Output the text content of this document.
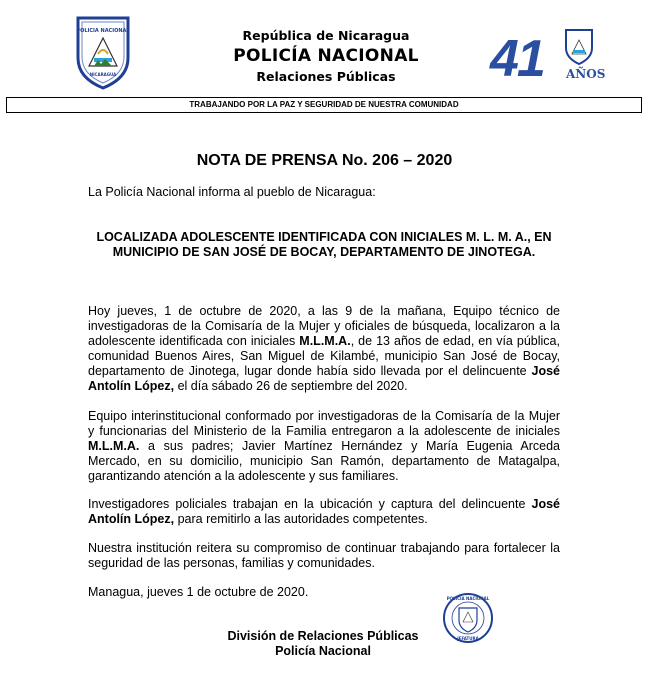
POLICIA NACIONAL
NICARAGUA
República de Nicaragua
POLICÍA NACIONAL
Relaciones Públicas	41 AÑOS
TRABAJANDO POR LA PAZ Y SEGURIDAD DE NUESTRA COMUNIDAD
NOTA DE PRENSA No. 206 – 2020
La Policía Nacional informa al pueblo de Nicaragua:
LOCALIZADA ADOLESCENTE IDENTIFICADA CON INICIALES M. L. M. A., EN MUNICIPIO DE SAN JOSÉ DE BOCAY, DEPARTAMENTO DE JINOTEGA.
Hoy jueves, 1 de octubre de 2020, a las 9 de la mañana, Equipo técnico de investigadoras de la Comisaría de la Mujer y oficiales de búsqueda, localizaron a la adolescente identificada con iniciales M.L.M.A., de 13 años de edad, en vía pública, comunidad Buenos Aires, San Miguel de Kilambé, municipio San José de Bocay, departamento de Jinotega, lugar donde había sido llevada por el delincuente José Antolín López, el día sábado 26 de septiembre del 2020.
Equipo interinstitucional conformado por investigadoras de la Comisaría de la Mujer y funcionarias del Ministerio de la Familia entregaron a la adolescente de iniciales M.L.M.A. a sus padres; Javier Martínez Hernández y María Eugenia Arceda Mercado, en su domicilio, municipio San Ramón, departamento de Matagalpa, garantizando atención a la adolescente y sus familiares.
Investigadores policiales trabajan en la ubicación y captura del delincuente José Antolín López, para remitirlo a las autoridades competentes.
Nuestra institución reitera su compromiso de continuar trabajando para fortalecer la seguridad de las personas, familias y comunidades.
Managua, jueves 1 de octubre de 2020.	POLICIA NACIONAL
JEFATURA
División de Relaciones Públicas
Policía Nacional
